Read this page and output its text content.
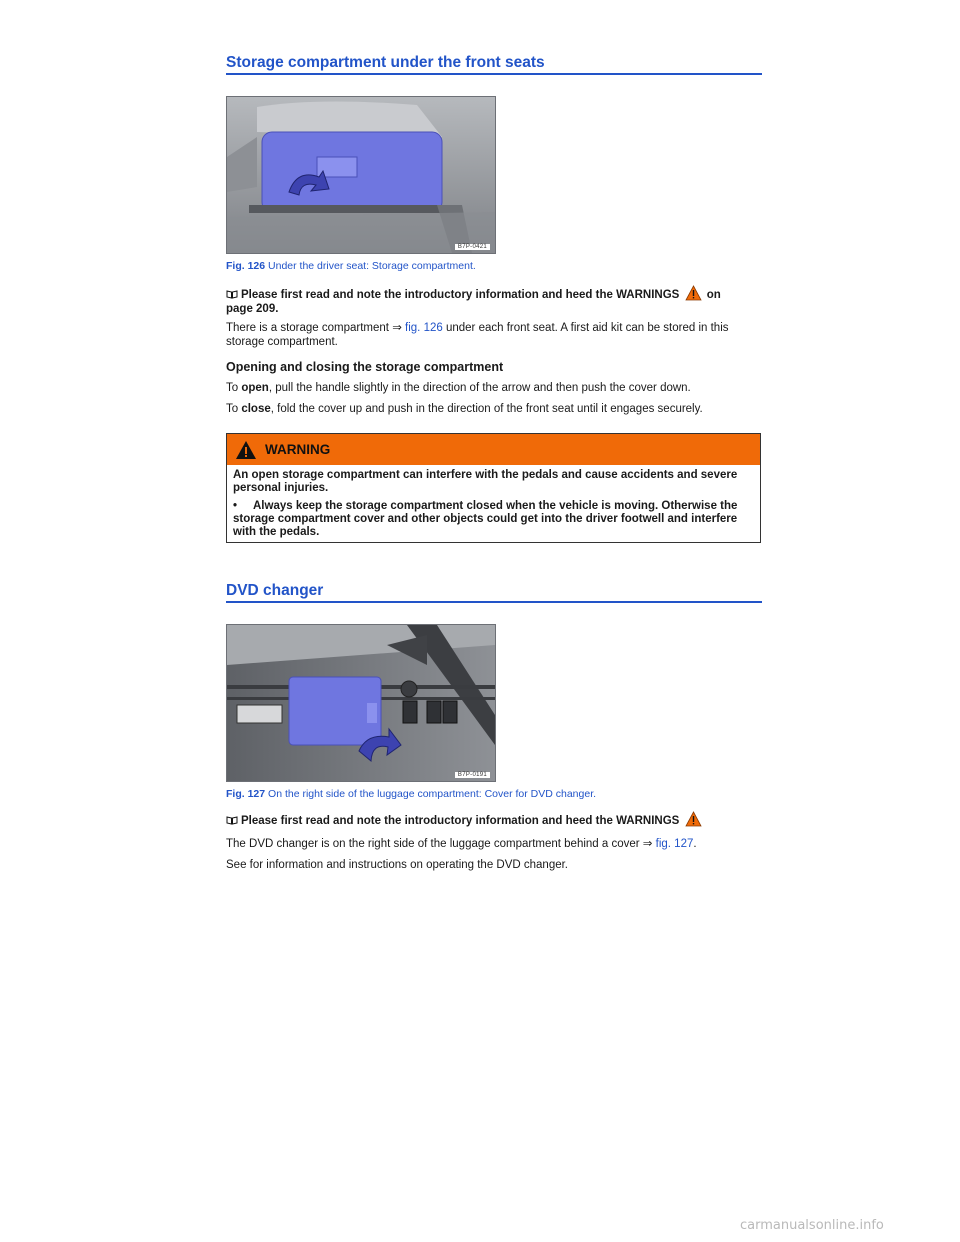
Storage compartment under the front seats
B7P-0421
Fig. 126 Under the driver seat: Storage compartment.
Please first read and note the introductory information and heed the WARNINGS  on
page 209.
There is a storage compartment ⇒ fig. 126 under each front seat. A first aid kit can be stored in this
storage compartment.
Opening and closing the storage compartment
To open, pull the handle slightly in the direction of the arrow and then push the cover down.
To close, fold the cover up and push in the direction of the front seat until it engages securely.
WARNING

An open storage compartment can interfere with the pedals and cause accidents and severe
personal injuries.

• Always keep the storage compartment closed when the vehicle is moving. Otherwise the
storage compartment cover and other objects could get into the driver footwell and interfere
with the pedals.

DVD changer
B7P-0191
Fig. 127 On the right side of the luggage compartment: Cover for DVD changer.
Please first read and note the introductory information and heed the WARNINGS
The DVD changer is on the right side of the luggage compartment behind a cover ⇒ fig. 127.
See for information and instructions on operating the DVD changer.
carmanualsonline.info
